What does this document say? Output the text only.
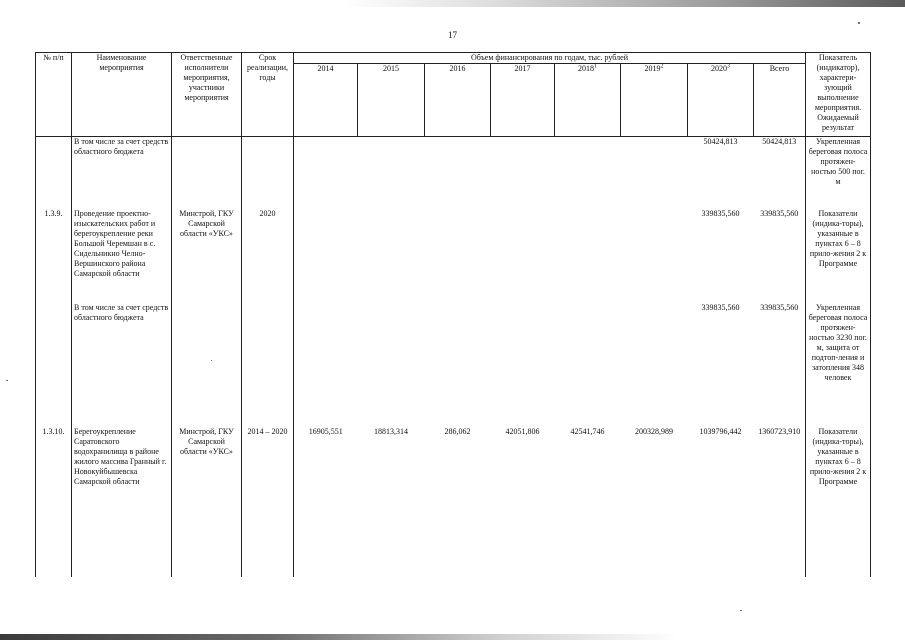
17
№ п/п	Наименование мероприятия	Ответственные исполнители мероприятия, участники мероприятия	Срок реализации, годы	Объем финансирования по годам, тыс. рублей								Показатель (индикатор), характери-зующий выполнение мероприятия. Ожидаемый результат
				2014	2015	2016	2017	2018$^1$	2019$^2$	2020$^3$	Всего	
	В том числе за счет средств областного бюджета									50424,813	50424,813	Укрепленная береговая полоса протяжен-ностью 500 пог. м
1.3.9.	Проведение проектно-изыскательских работ и берегоукрепление реки Большой Черемшан в с. Сидельникно Челно-Вершинского района Самарской области	Минстрой, ГКУ Самарской области «УКС»	2020							339835,560	339835,560	Показатели (индика-торы), указанные в пунктах 6 – 8 прило-жения 2 к Программе
	В том числе за счет средств областного бюджета									339835,560	339835,560	Укрепленная береговая полоса протяжен-ностью 3230 пог. м, защита от подтоп-ления и затопления 348 человек
1.3.10.	Берегоукрепление Саратовского водохранилища в районе жилого массива Гранный г. Новокуйбышевска Самарской области	Минстрой, ГКУ Самарской области «УКС»	2014 – 2020	16905,551	18813,314	286,062	42051,806	42541,746	200328,989	1039796,442	1360723,910	Показатели (индика-торы), указанные в пунктах 6 – 8 прило-жения 2 к Программе
